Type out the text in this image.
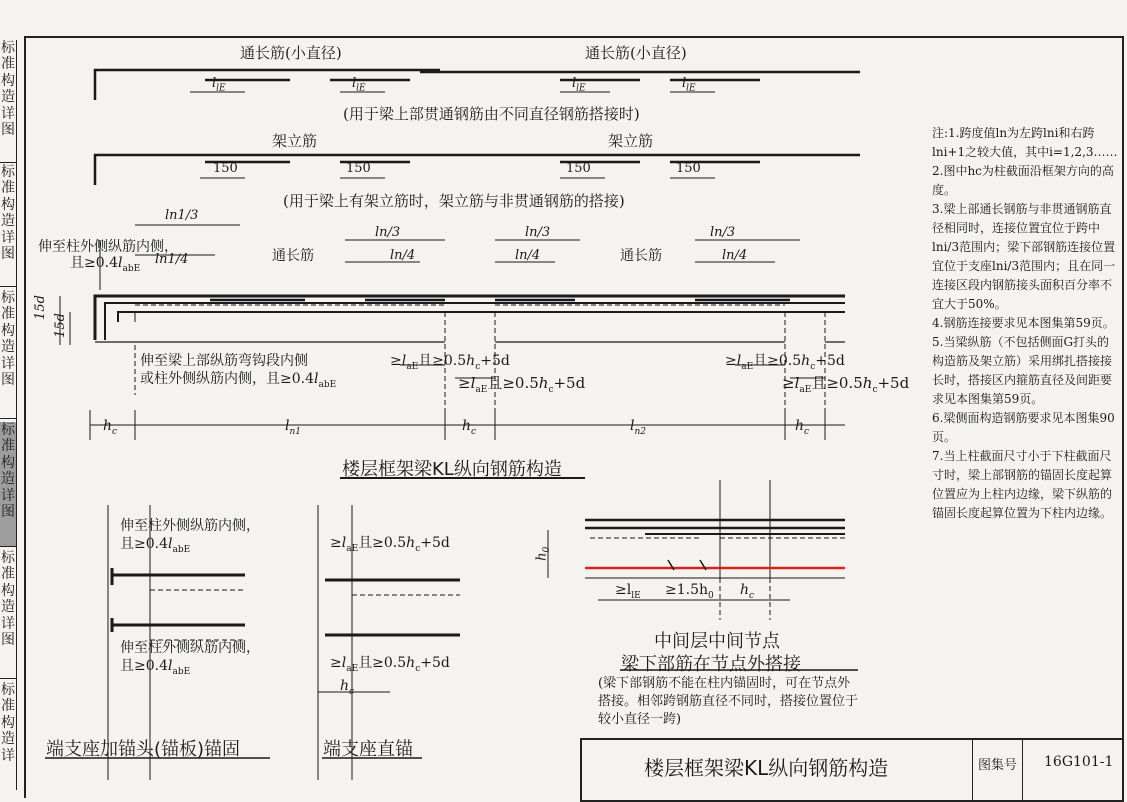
标
准
构
造
详
图
标
准
构
造
详
图
标
准
构
造
详
图
标
准
构
造
详
图
标
准
构
造
详
图
标
准
构
造
详
通长筋(小直径)	通长筋(小直径)
$l_{lE}$	$l_{lE}$	$l_{lE}$	$l_{lE}$
(用于梁上部贯通钢筋由不同直径钢筋搭接时)
架立筋	架立筋
150	150	150	150
(用于梁上有架立筋时，架立筋与非贯通钢筋的搭接)
伸至柱外侧纵筋内侧，
且$\ge 0.4l_{abE}$
ln1/3
ln1/4
ln/3	ln/3	ln/3
ln/4	ln/4	ln/4
通长筋	通长筋
15d
15d
伸至梁上部纵筋弯钩段内侧
或柱外侧纵筋内侧，且$\ge 0.4l_{abE}$
$\ge l_{aE}$且$\ge 0.5h_c+5d$
$\ge l_{aE}$且$\ge 0.5h_c+5d$
$\ge l_{aE}$且$\ge 0.5h_c+5d$
$\ge l_{aE}$且$\ge 0.5h_c+5d$
$h_c$	$h_c$	$h_c$
$l_{n1}$	$l_{n2}$
楼层框架梁KL纵向钢筋构造
伸至柱外侧纵筋内侧，
且$\ge 0.4l_{abE}$
伸至柱外侧纵筋内侧，
且$\ge 0.4l_{abE}$
端支座加锚头(锚板)锚固
$\ge l_{aE}$且$\ge 0.5h_c+5d$
$\ge l_{aE}$且$\ge 0.5h_c+5d$
$h_c$
端支座直锚
$h_0$
$\ge l_{lE} \ge 1.5h_0$ $h_c$
中间层中间节点
梁下部筋在节点外搭接
(梁下部钢筋不能在柱内锚固时，可在节点外搭接。相邻跨钢筋直径不同时，搭接位置位于较小直径一跨)
注:1.跨度值ln为左跨lni和右跨lni+1之较大值，其中i=1,2,3……
2.图中hc为柱截面沿框架方向的高度。
3.梁上部通长钢筋与非贯通钢筋直径相同时，连接位置宜位于跨中lni/3范围内；梁下部钢筋连接位置宜位于支座lni/3范围内；且在同一连接区段内钢筋接头面积百分率不宜大于50%。
4.钢筋连接要求见本图集第59页。
5.当梁纵筋（不包括侧面G打头的构造筋及架立筋）采用绑扎搭接接长时，搭接区内箍筋直径及间距要求见本图集第59页。
6.梁侧面构造钢筋要求见本图集90页。
7.当上柱截面尺寸小于下柱截面尺寸时，梁上部钢筋的锚固长度起算位置应为上柱内边缘，梁下纵筋的锚固长度起算位置为下柱内边缘。
楼层框架梁KL纵向钢筋构造	图集号 16G101-1
